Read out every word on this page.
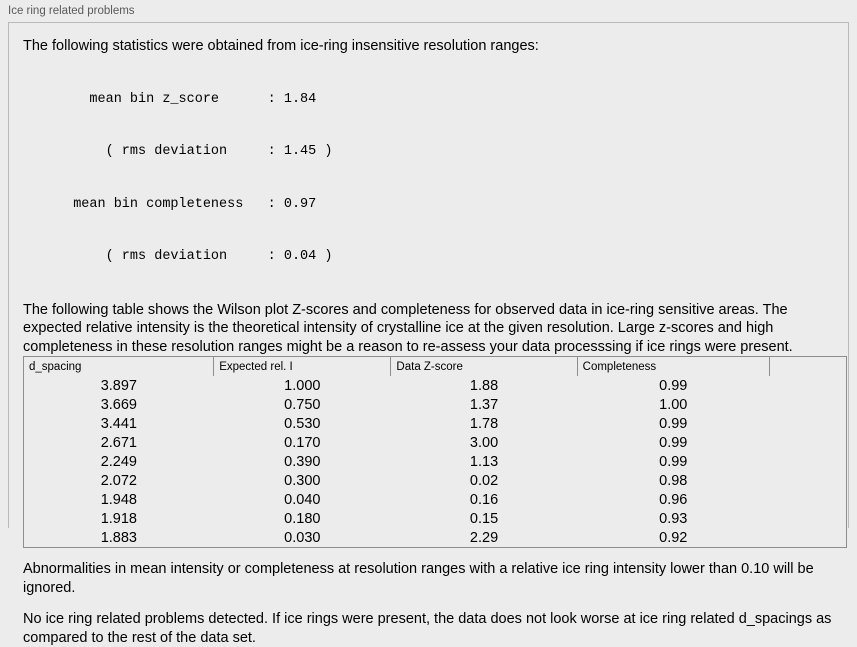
Ice ring related problems

The following statistics were obtained from ice-ring insensitive resolution ranges:

mean bin z_score      : 1.84

( rms deviation     : 1.45 )

mean bin completeness   : 0.97

( rms deviation     : 0.04 )

The following table shows the Wilson plot Z-scores and completeness for observed data in ice-ring sensitive areas. The expected relative intensity is the theoretical intensity of crystalline ice at the given resolution. Large z-scores and high completeness in these resolution ranges might be a reason to re-assess your data processsing if ice rings were present.

d_spacing	Expected rel. I	Data Z-score	Completeness	
3.897	1.000	1.88	0.99	
3.669	0.750	1.37	1.00	
3.441	0.530	1.78	0.99	
2.671	0.170	3.00	0.99	
2.249	0.390	1.13	0.99	
2.072	0.300	0.02	0.98	
1.948	0.040	0.16	0.96	
1.918	0.180	0.15	0.93	
1.883	0.030	2.29	0.92	

Abnormalities in mean intensity or completeness at resolution ranges with a relative ice ring intensity lower than 0.10 will be ignored.

No ice ring related problems detected. If ice rings were present, the data does not look worse at ice ring related d_spacings as compared to the rest of the data set.
